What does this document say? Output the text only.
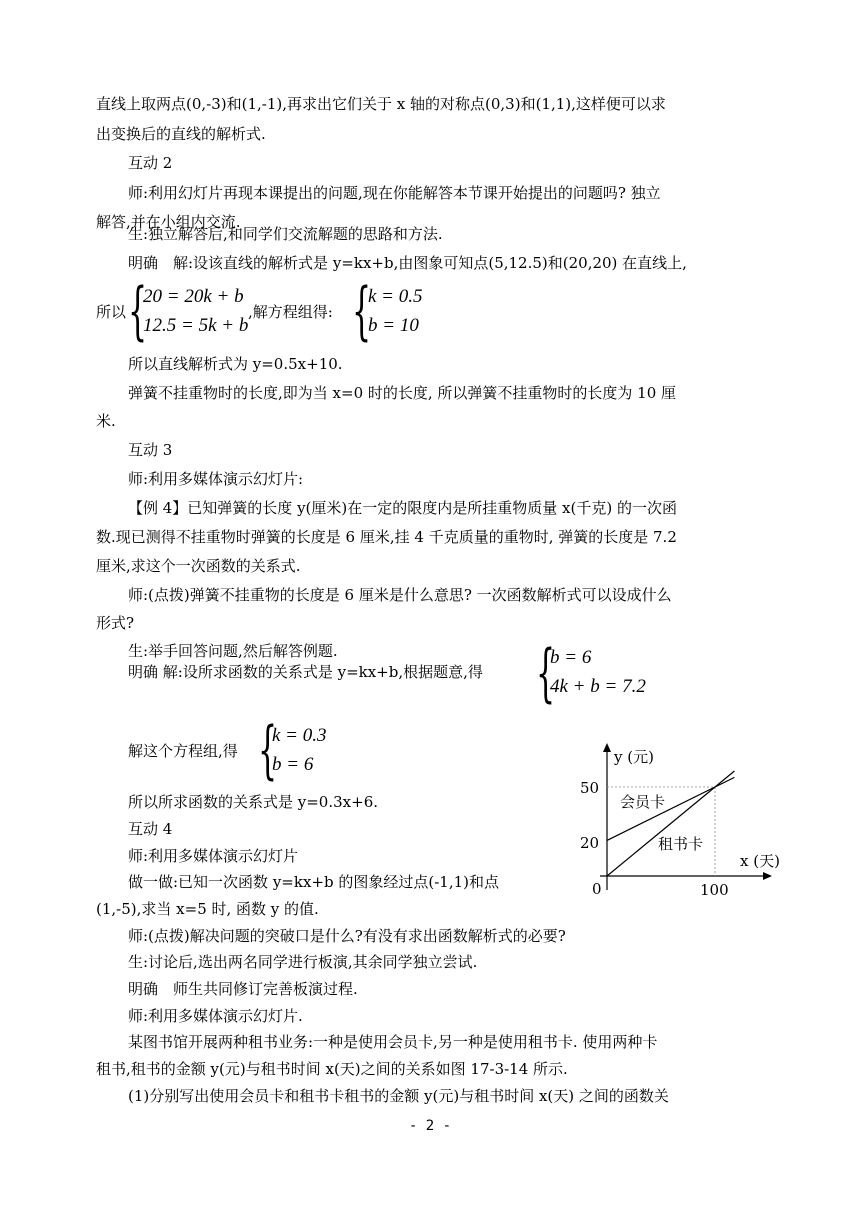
直线上取两点(0,-3)和(1,-1),再求出它们关于 x 轴的对称点(0,3)和(1,1),这样便可以求
出变换后的直线的解析式.
互动 2
师:利用幻灯片再现本课提出的问题,现在你能解答本节课开始提出的问题吗? 独立
解答,并在小组内交流.
生:独立解答后,和同学们交流解题的思路和方法.
明确　解:设该直线的解析式是 y=kx+b,由图象可知点(5,12.5)和(20,20) 在直线上,
所以 {
20 = 20k + b
12.5 = 5k + b
,解方程组得: {
k = 0.5
b = 10
所以直线解析式为 y=0.5x+10.
弹簧不挂重物时的长度,即为当 x=0 时的长度, 所以弹簧不挂重物时的长度为 10 厘
米.
互动 3
师:利用多媒体演示幻灯片:
【例 4】已知弹簧的长度 y(厘米)在一定的限度内是所挂重物质量 x(千克) 的一次函
数.现已测得不挂重物时弹簧的长度是 6 厘米,挂 4 千克质量的重物时, 弹簧的长度是 7.2
厘米,求这个一次函数的关系式.
师:(点拨)弹簧不挂重物的长度是 6 厘米是什么意思? 一次函数解析式可以设成什么
形式?
生:举手回答问题,然后解答例题.
明确 解:设所求函数的关系式是 y=kx+b,根据题意,得 {
b = 6
4k + b = 7.2
解这个方程组,得 {
k = 0.3
b = 6
所以所求函数的关系式是 y=0.3x+6.
互动 4
师:利用多媒体演示幻灯片
做一做:已知一次函数 y=kx+b 的图象经过点(-1,1)和点
(1,-5),求当 x=5 时, 函数 y 的值.
师:(点拨)解决问题的突破口是什么?有没有求出函数解析式的必要?
生:讨论后,选出两名同学进行板演,其余同学独立尝试.
明确　师生共同修订完善板演过程.
师:利用多媒体演示幻灯片.
某图书馆开展两种租书业务:一种是使用会员卡,另一种是使用租书卡. 使用两种卡
租书,租书的金额 y(元)与租书时间 x(天)之间的关系如图 17-3-14 所示.
(1)分别写出使用会员卡和租书卡租书的金额 y(元)与租书时间 x(天) 之间的函数关
y (元)
x (天)
0
50
20
100
会员卡
租书卡
- 2 -
